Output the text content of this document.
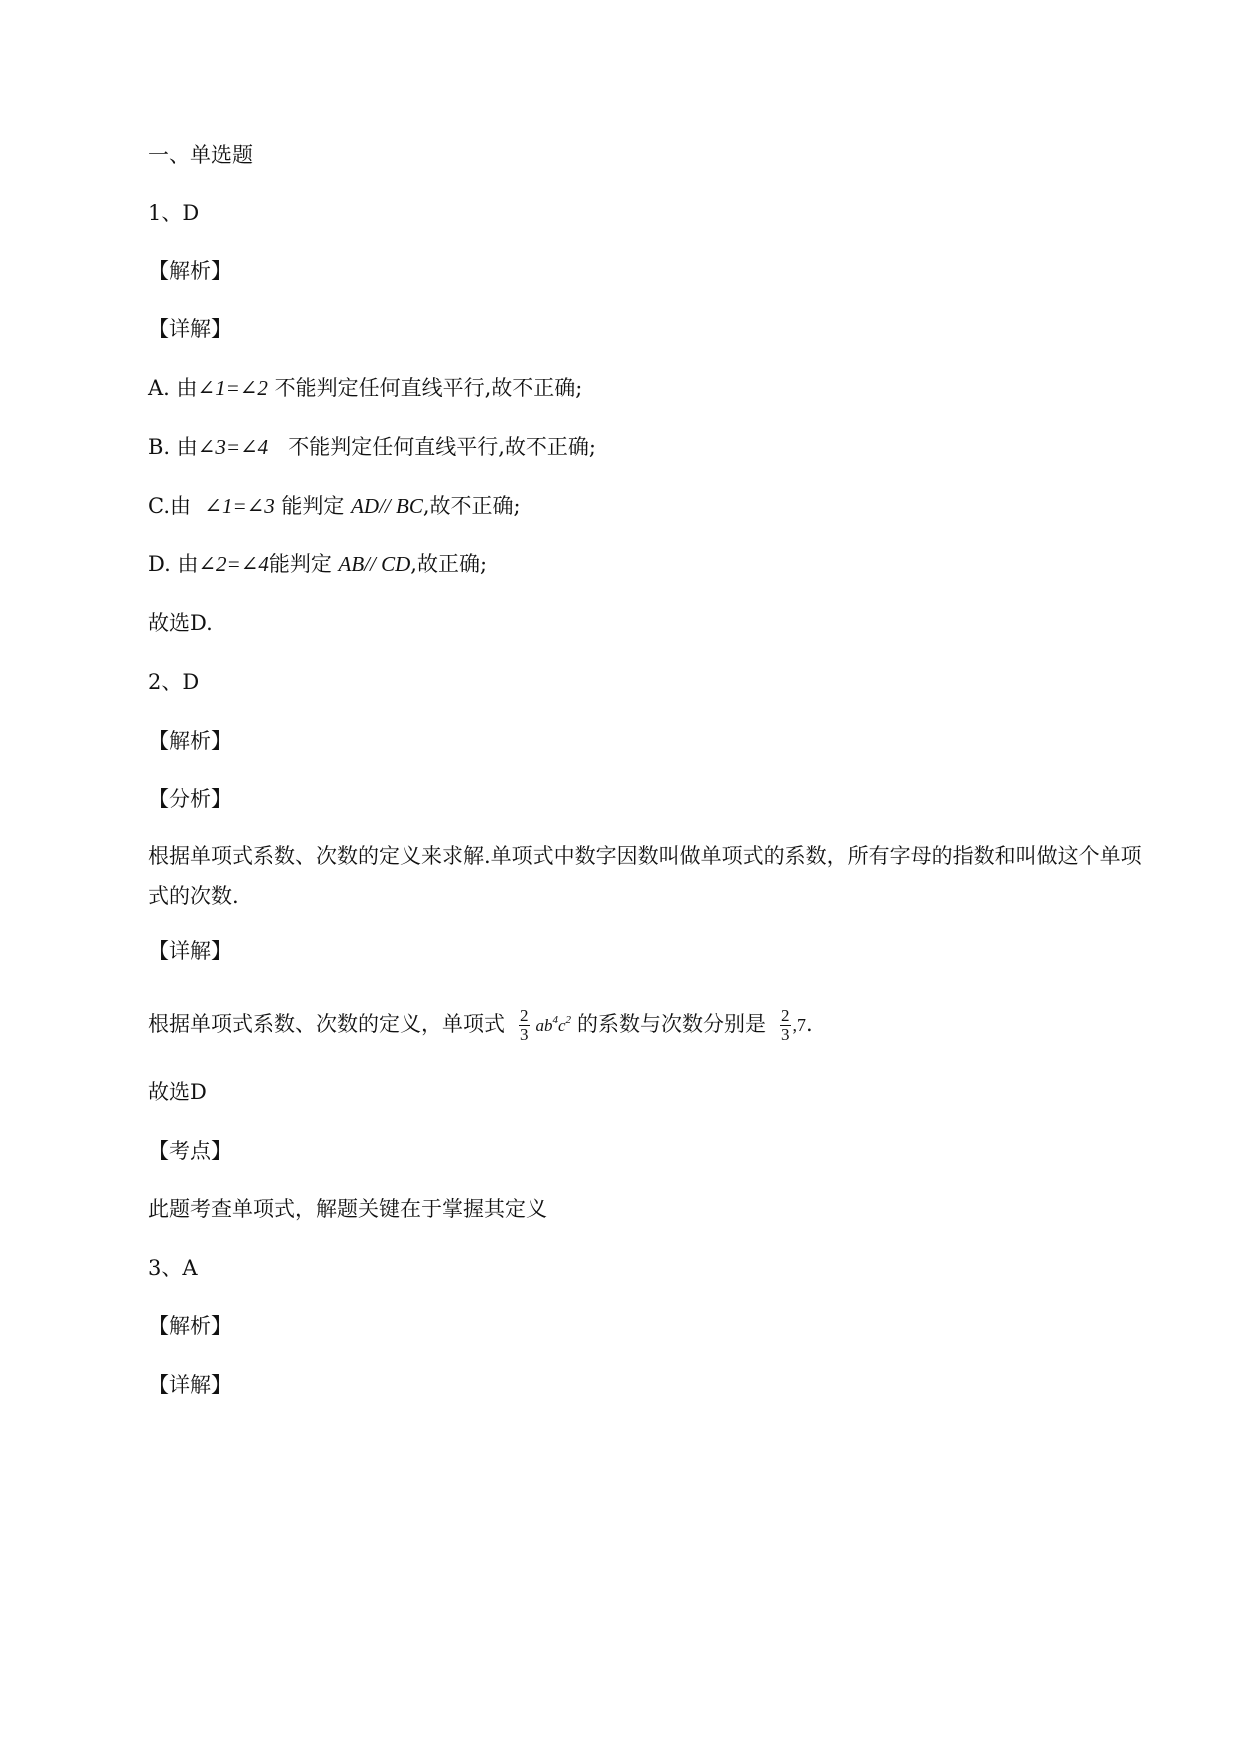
一、单选题
1、D
【解析】
【详解】
A. 由∠1=∠2 不能判定任何直线平行,故不正确;
B. 由∠3=∠4   不能判定任何直线平行,故不正确;
C.由  ∠1=∠3 能判定 AD// BC,故不正确;
D. 由∠2=∠4能判定 AB// CD,故正确;
故选D.
2、D
【解析】
【分析】
根据单项式系数、次数的定义来求解.单项式中数字因数叫做单项式的系数，所有字母的指数和叫做这个单项式的次数.
【详解】
根据单项式系数、次数的定义，单项式 $\frac{2}{3} ab^4c^2$ 的系数与次数分别是 $\frac{2}{3} ,7$.
故选D
【考点】
此题考查单项式，解题关键在于掌握其定义
3、A
【解析】
【详解】
